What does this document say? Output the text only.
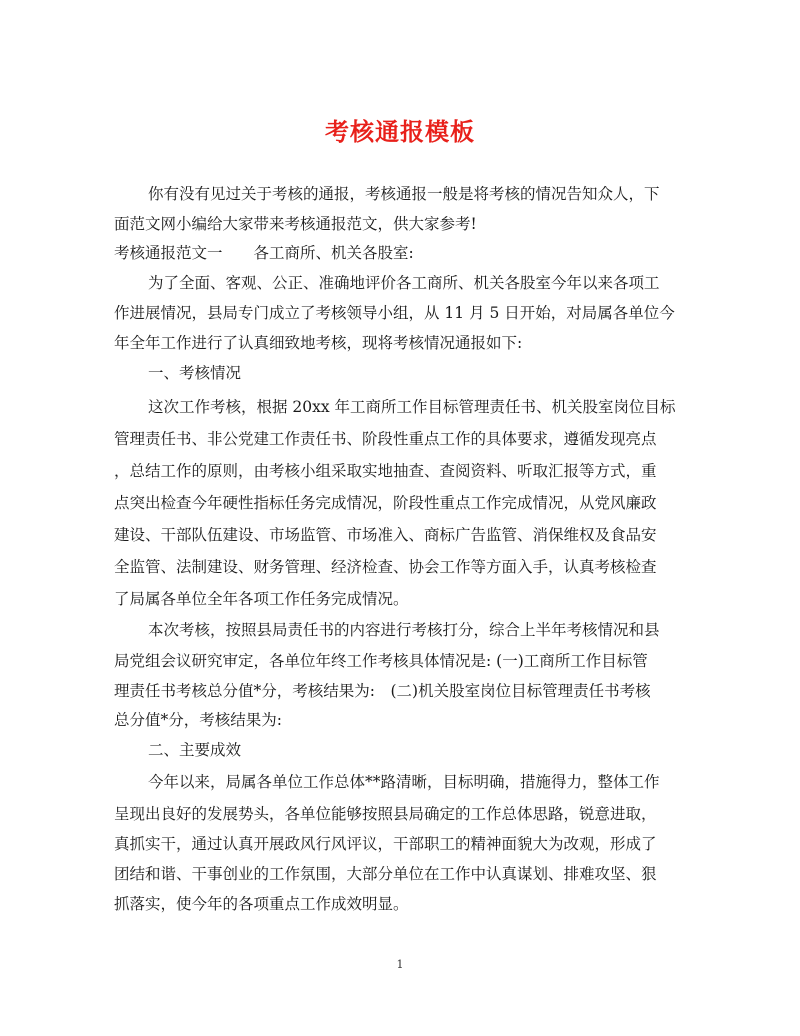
考核通报模板
你有没有见过关于考核的通报，考核通报一般是将考核的情况告知众人，下
面范文网小编给大家带来考核通报范文，供大家参考!
考核通报范文一　　各工商所、机关各股室:
为了全面、客观、公正、准确地评价各工商所、机关各股室今年以来各项工
作进展情况，县局专门成立了考核领导小组，从 11 月 5 日开始，对局属各单位今
年全年工作进行了认真细致地考核，现将考核情况通报如下:
一、考核情况
这次工作考核，根据 20xx 年工商所工作目标管理责任书、机关股室岗位目标
管理责任书、非公党建工作责任书、阶段性重点工作的具体要求，遵循发现亮点
，总结工作的原则，由考核小组采取实地抽查、查阅资料、听取汇报等方式，重
点突出检查今年硬性指标任务完成情况，阶段性重点工作完成情况，从党风廉政
建设、干部队伍建设、市场监管、市场准入、商标广告监管、消保维权及食品安
全监管、法制建设、财务管理、经济检查、协会工作等方面入手，认真考核检查
了局属各单位全年各项工作任务完成情况。
本次考核，按照县局责任书的内容进行考核打分，综合上半年考核情况和县
局党组会议研究审定，各单位年终工作考核具体情况是: (一)工商所工作目标管
理责任书考核总分值*分，考核结果为:　(二)机关股室岗位目标管理责任书考核
总分值*分，考核结果为:
二、主要成效
今年以来，局属各单位工作总体**路清晰，目标明确，措施得力，整体工作
呈现出良好的发展势头，各单位能够按照县局确定的工作总体思路，锐意进取，
真抓实干，通过认真开展政风行风评议，干部职工的精神面貌大为改观，形成了
团结和谐、干事创业的工作氛围，大部分单位在工作中认真谋划、排难攻坚、狠
抓落实，使今年的各项重点工作成效明显。
1
